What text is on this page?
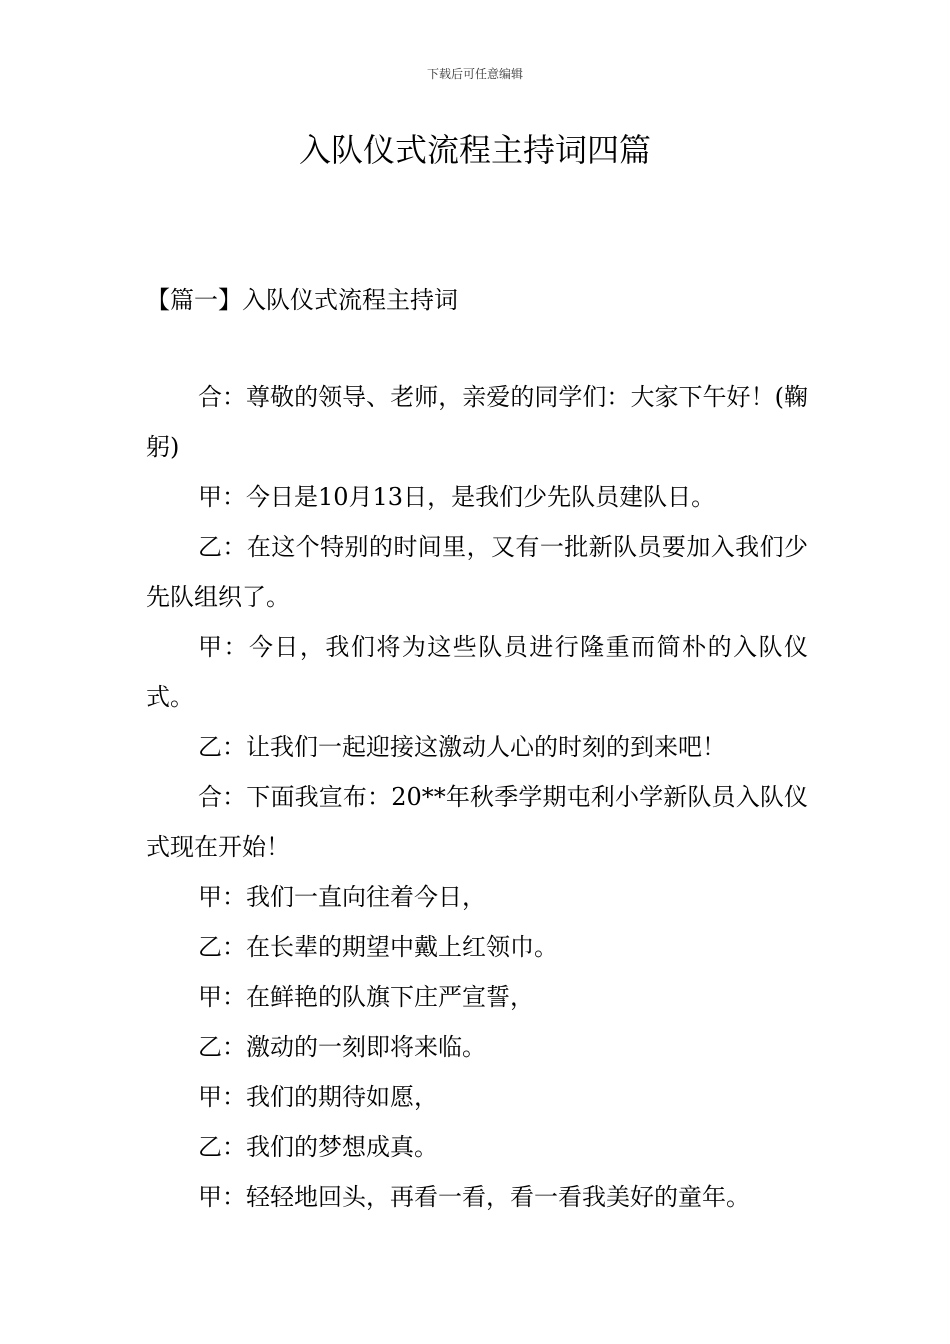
下载后可任意编辑
入队仪式流程主持词四篇
【篇一】入队仪式流程主持词

合：尊敬的领导、老师，亲爱的同学们：大家下午好！(鞠躬)

甲：今日是10月13日，是我们少先队员建队日。

乙：在这个特别的时间里，又有一批新队员要加入我们少先队组织了。

甲：今日，我们将为这些队员进行隆重而简朴的入队仪式。

乙：让我们一起迎接这激动人心的时刻的到来吧！

合：下面我宣布：20**年秋季学期屯利小学新队员入队仪式现在开始！

甲：我们一直向往着今日，

乙：在长辈的期望中戴上红领巾。

甲：在鲜艳的队旗下庄严宣誓，

乙：激动的一刻即将来临。

甲：我们的期待如愿，

乙：我们的梦想成真。

甲：轻轻地回头，再看一看，看一看我美好的童年。
